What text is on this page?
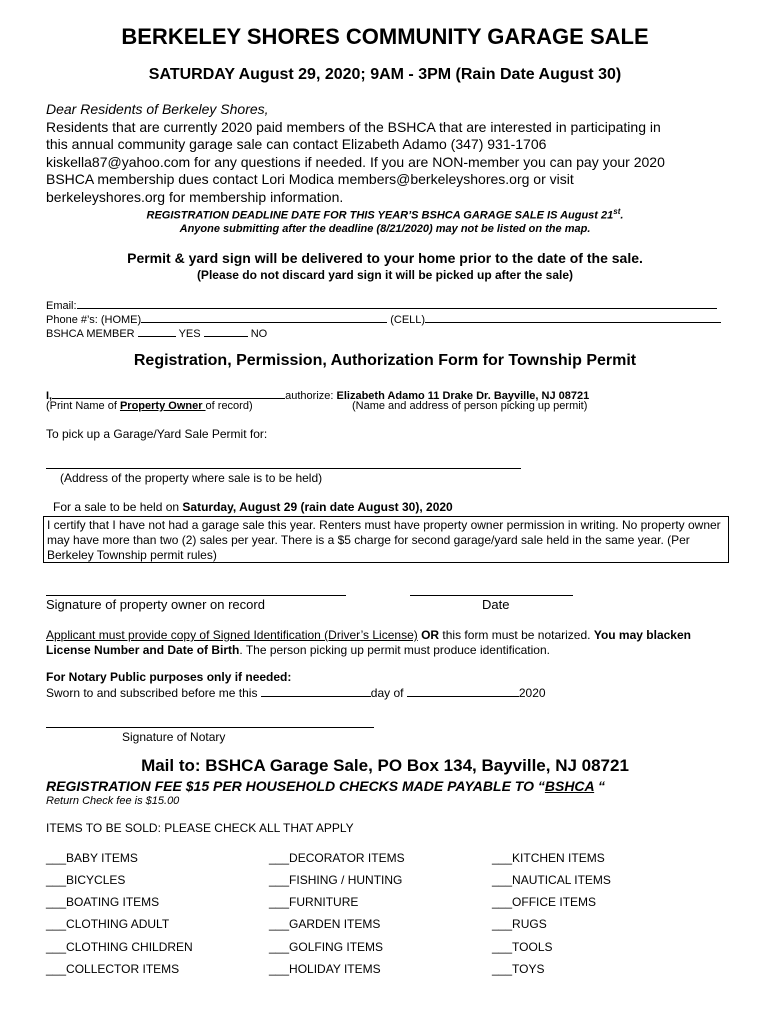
BERKELEY SHORES COMMUNITY GARAGE SALE
SATURDAY August 29, 2020; 9AM - 3PM (Rain Date August 30)
Dear Residents of Berkeley Shores,
Residents that are currently 2020 paid members of the BSHCA that are interested in participating in
this annual community garage sale can contact Elizabeth Adamo (347) 931-1706
kiskella87@yahoo.com for any questions if needed. If you are NON-member you can pay your 2020
BSHCA membership dues contact Lori Modica members@berkeleyshores.org or visit
berkeleyshores.org for membership information.
REGISTRATION DEADLINE DATE FOR THIS YEAR’S BSHCA GARAGE SALE IS August 21st.
Anyone submitting after the deadline (8/21/2020) may not be listed on the map.
Permit & yard sign will be delivered to your home prior to the date of the sale.
(Please do not discard yard sign it will be picked up after the sale)
Email:
Phone #’s: (HOME)	(CELL)
BSHCA MEMBER	YES	NO
Registration, Permission, Authorization Form for Township Permit
I,	authorize: Elizabeth Adamo 11 Drake Dr. Bayville, NJ 08721
(Print Name of Property Owner of record)	(Name and address of person picking up permit)
To pick up a Garage/Yard Sale Permit for:
(Address of the property where sale is to be held)
For a sale to be held on Saturday, August 29 (rain date August 30), 2020
I certify that I have not had a garage sale this year. Renters must have property owner permission in writing. No property owner may have more than two (2) sales per year. There is a $5 charge for second garage/yard sale held in the same year. (Per Berkeley Township permit rules)
Signature of property owner on record	Date
Applicant must provide copy of Signed Identification (Driver’s License) OR this form must be notarized. You may blacken
License Number and Date of Birth. The person picking up permit must produce identification.
For Notary Public purposes only if needed:
Sworn to and subscribed before me this	day of	2020
Signature of Notary
Mail to: BSHCA Garage Sale, PO Box 134, Bayville, NJ 08721
REGISTRATION FEE $15 PER HOUSEHOLD CHECKS MADE PAYABLE TO “BSHCA “
Return Check fee is $15.00
ITEMS TO BE SOLD: PLEASE CHECK ALL THAT APPLY
___BABY ITEMS
___BICYCLES
___BOATING ITEMS
___CLOTHING ADULT
___CLOTHING CHILDREN
___COLLECTOR ITEMS
___DECORATOR ITEMS
___FISHING / HUNTING
___FURNITURE
___GARDEN ITEMS
___GOLFING ITEMS
___HOLIDAY ITEMS
___KITCHEN ITEMS
___NAUTICAL ITEMS
___OFFICE ITEMS
___RUGS
___TOOLS
___TOYS
